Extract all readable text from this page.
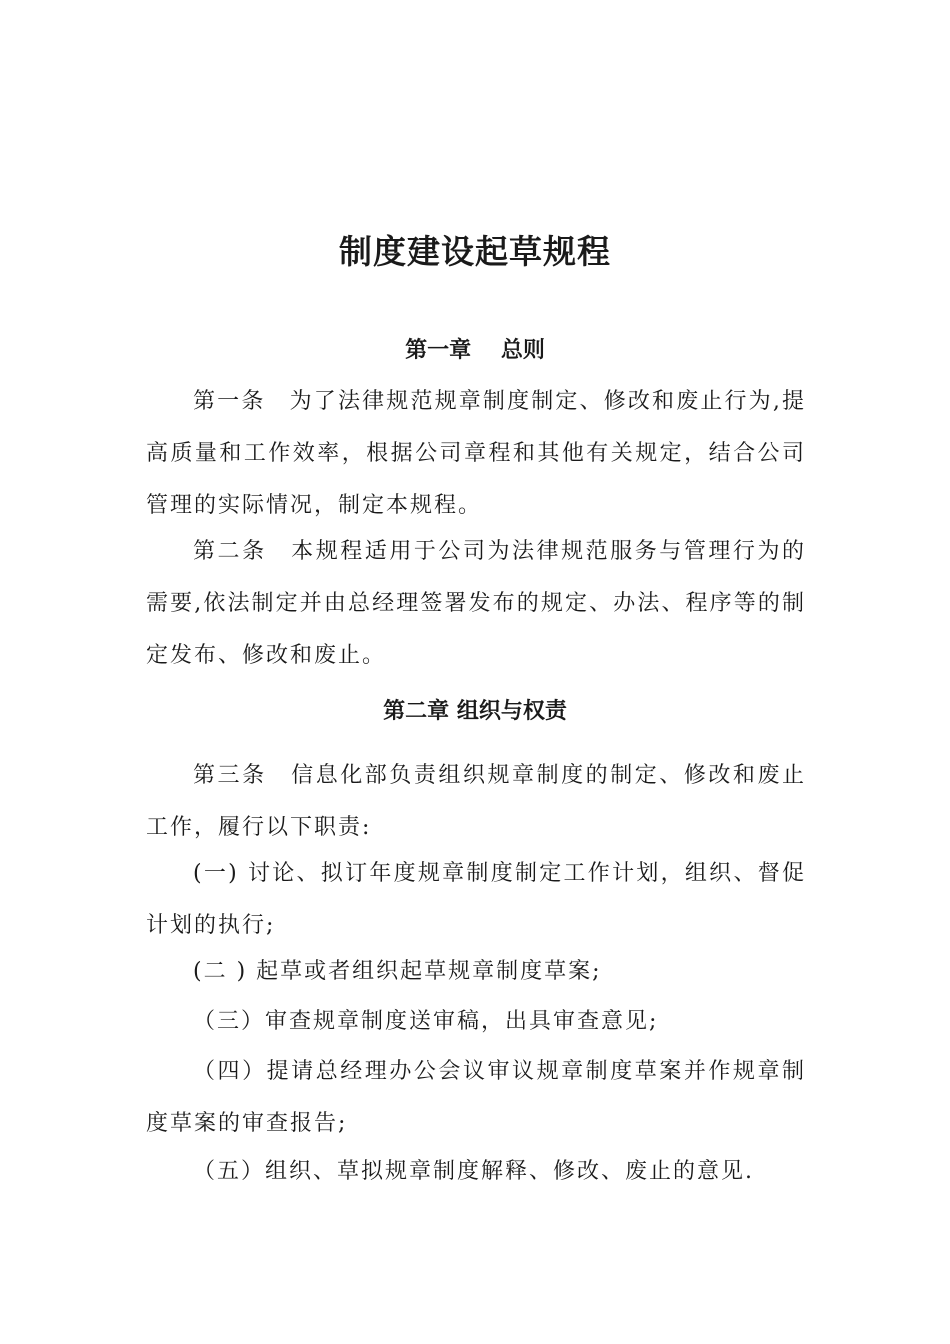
制度建设起草规程
第一章　 总则
第一条　为了法律规范规章制度制定、修改和废止行为,提高质量和工作效率，根据公司章程和其他有关规定，结合公司管理的实际情况，制定本规程。
第二条　本规程适用于公司为法律规范服务与管理行为的需要,依法制定并由总经理签署发布的规定、办法、程序等的制定发布、修改和废止。
第二章 组织与权责
第三条　信息化部负责组织规章制度的制定、修改和废止工作，履行以下职责:
(一) 讨论、拟订年度规章制度制定工作计划，组织、督促计划的执行;
(二 ) 起草或者组织起草规章制度草案;
（三）审查规章制度送审稿，出具审查意见;
（四）提请总经理办公会议审议规章制度草案并作规章制度草案的审查报告;
（五）组织、草拟规章制度解释、修改、废止的意见.
